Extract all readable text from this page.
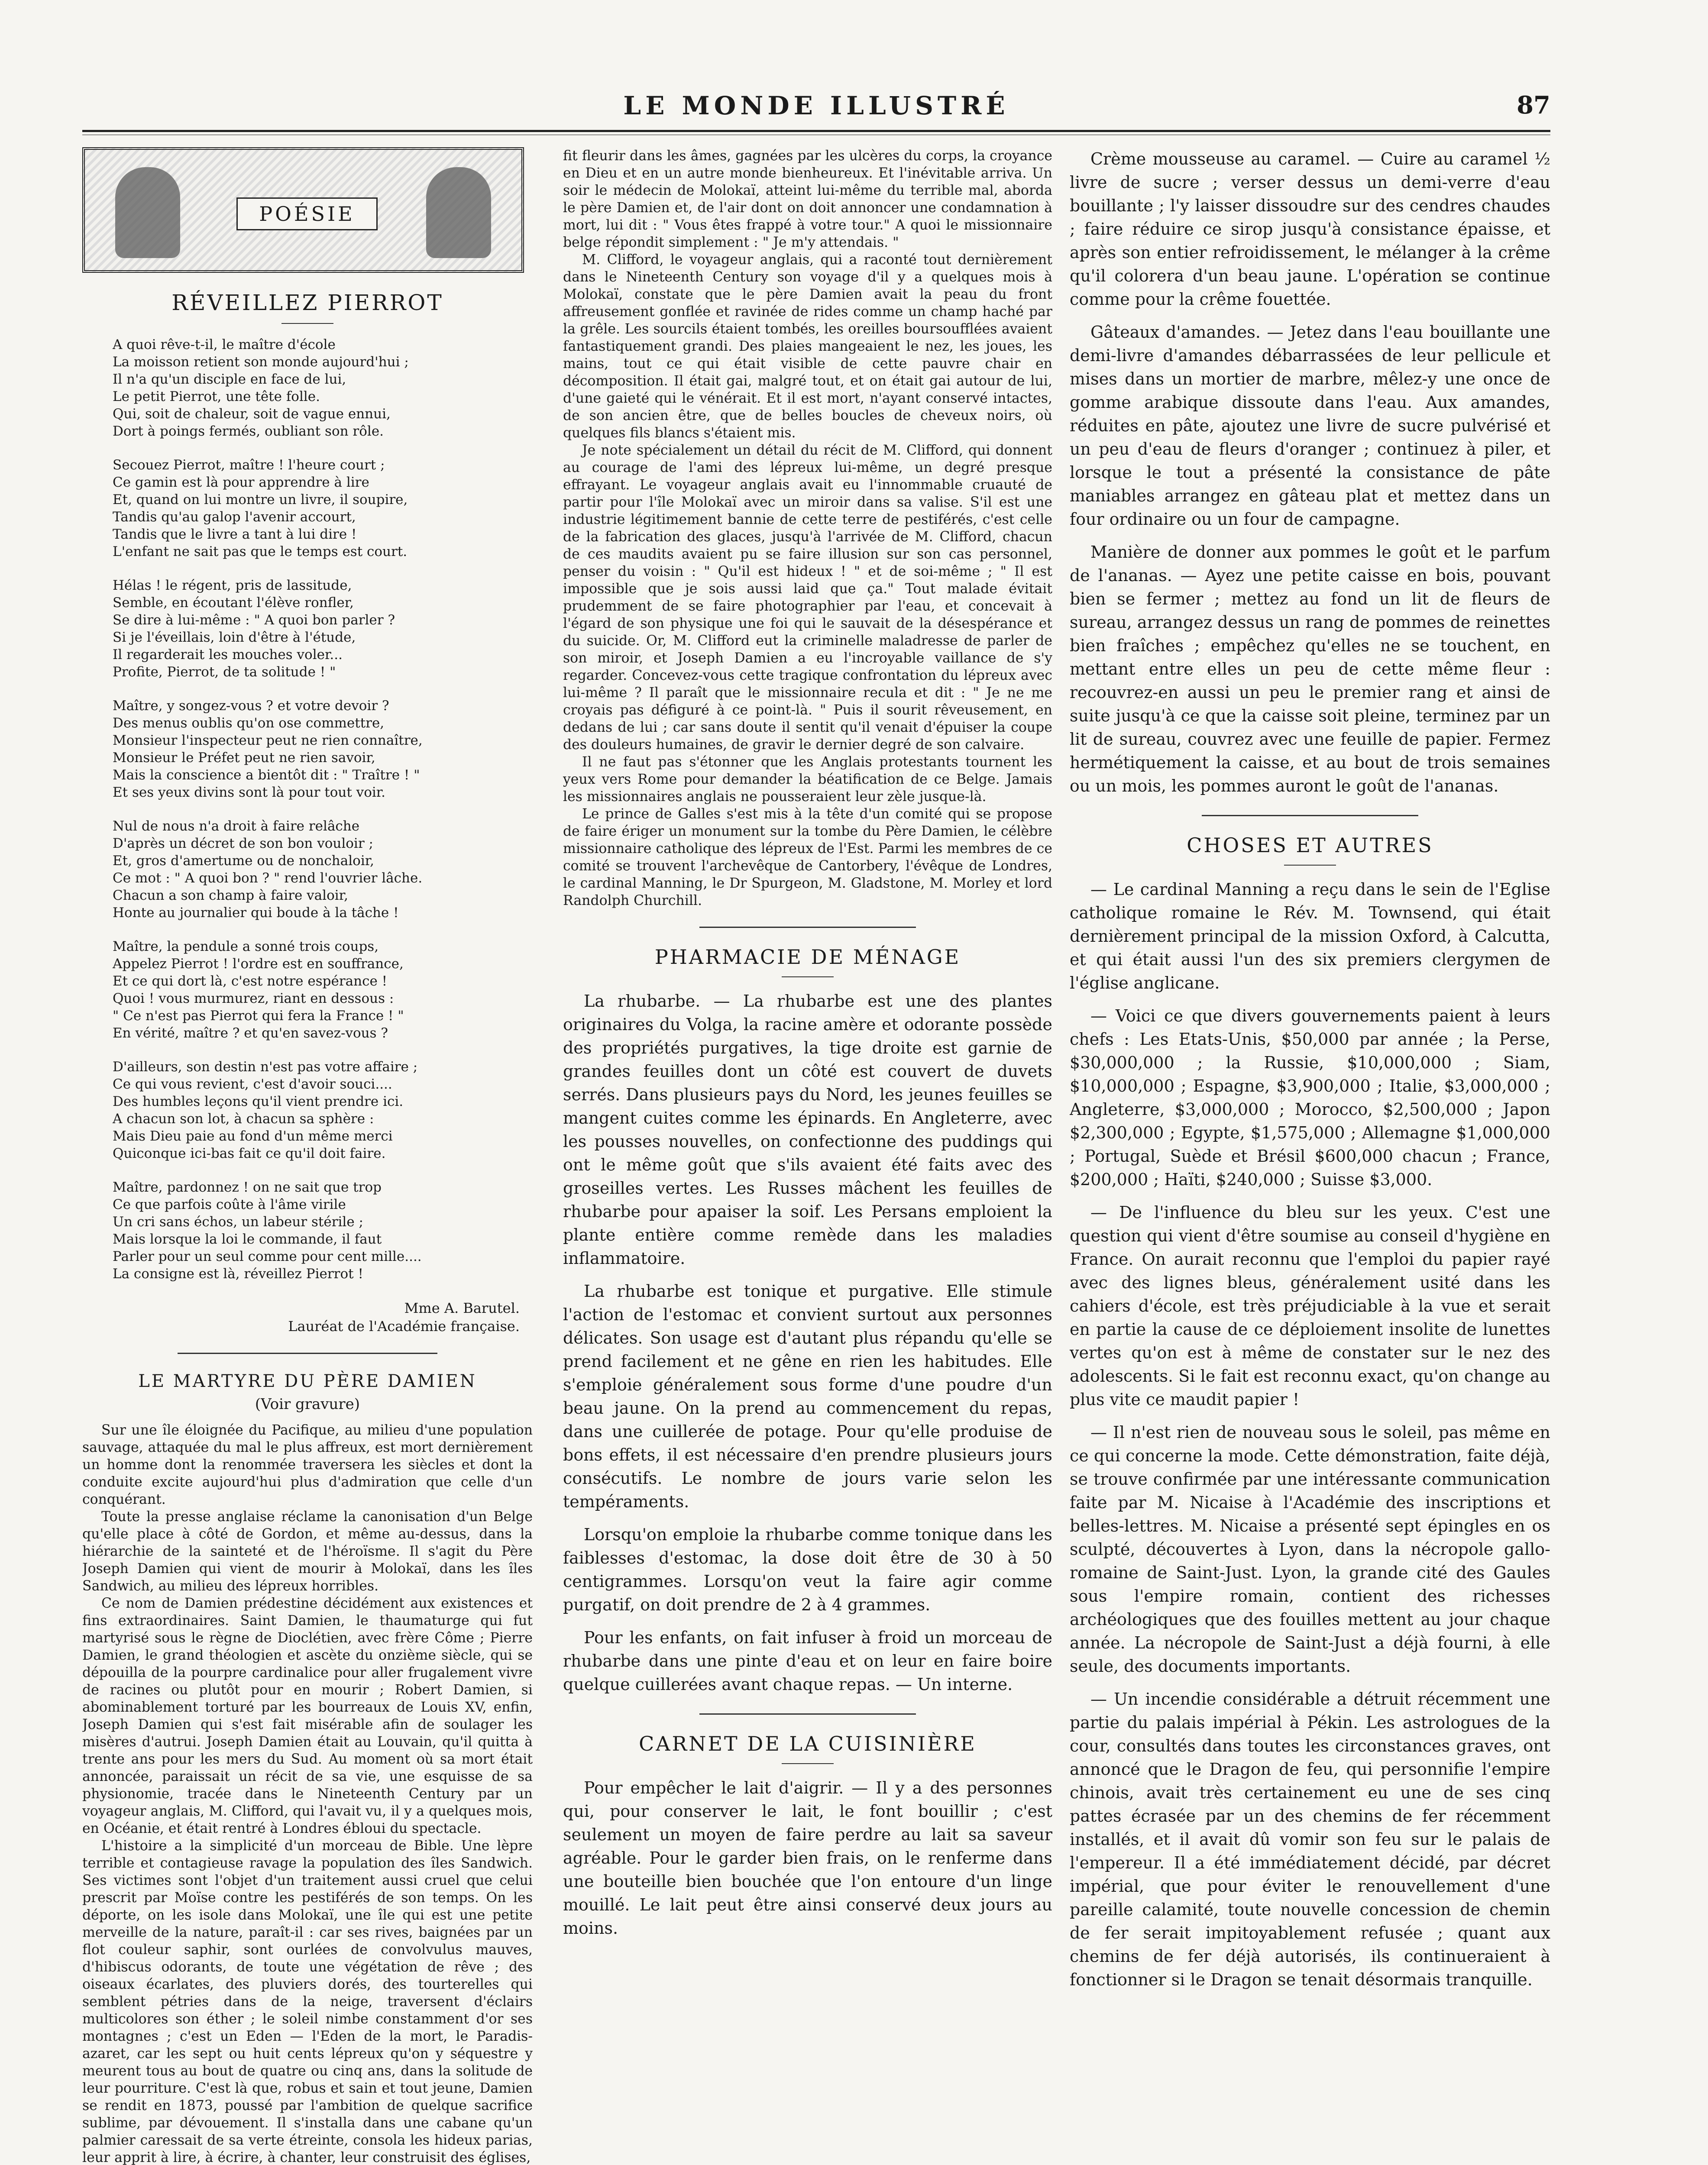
LE MONDE ILLUSTRÉ	87
POÉSIE
RÉVEILLEZ PIERROT
A quoi rêve-t-il, le maître d'école
La moisson retient son monde aujourd'hui ;
Il n'a qu'un disciple en face de lui,
Le petit Pierrot, une tête folle.
Qui, soit de chaleur, soit de vague ennui,
Dort à poings fermés, oubliant son rôle.
Secouez Pierrot, maître ! l'heure court ;
Ce gamin est là pour apprendre à lire
Et, quand on lui montre un livre, il soupire,
Tandis qu'au galop l'avenir accourt,
Tandis que le livre a tant à lui dire !
L'enfant ne sait pas que le temps est court.
Hélas ! le régent, pris de lassitude,
Semble, en écoutant l'élève ronfler,
Se dire à lui-même : " A quoi bon parler ?
Si je l'éveillais, loin d'être à l'étude,
Il regarderait les mouches voler...
Profite, Pierrot, de ta solitude ! "
Maître, y songez-vous ? et votre devoir ?
Des menus oublis qu'on ose commettre,
Monsieur l'inspecteur peut ne rien connaître,
Monsieur le Préfet peut ne rien savoir,
Mais la conscience a bientôt dit : " Traître ! "
Et ses yeux divins sont là pour tout voir.
Nul de nous n'a droit à faire relâche
D'après un décret de son bon vouloir ;
Et, gros d'amertume ou de nonchaloir,
Ce mot : " A quoi bon ? " rend l'ouvrier lâche.
Chacun a son champ à faire valoir,
Honte au journalier qui boude à la tâche !
Maître, la pendule a sonné trois coups,
Appelez Pierrot ! l'ordre est en souffrance,
Et ce qui dort là, c'est notre espérance !
Quoi ! vous murmurez, riant en dessous :
" Ce n'est pas Pierrot qui fera la France ! "
En vérité, maître ? et qu'en savez-vous ?
D'ailleurs, son destin n'est pas votre affaire ;
Ce qui vous revient, c'est d'avoir souci....
Des humbles leçons qu'il vient prendre ici.
A chacun son lot, à chacun sa sphère :
Mais Dieu paie au fond d'un même merci
Quiconque ici-bas fait ce qu'il doit faire.
Maître, pardonnez ! on ne sait que trop
Ce que parfois coûte à l'âme virile
Un cri sans échos, un labeur stérile ;
Mais lorsque la loi le commande, il faut
Parler pour un seul comme pour cent mille....
La consigne est là, réveillez Pierrot !
Mme A. Barutel.
Lauréat de l'Académie française.
LE MARTYRE DU PÈRE DAMIEN
(Voir gravure)

Sur une île éloignée du Pacifique, au milieu d'une population sauvage, attaquée du mal le plus affreux, est mort dernièrement un homme dont la renommée traversera les siècles et dont la conduite excite aujourd'hui plus d'admiration que celle d'un conquérant.

Toute la presse anglaise réclame la canonisation d'un Belge qu'elle place à côté de Gordon, et même au-dessus, dans la hiérarchie de la sainteté et de l'héroïsme. Il s'agit du Père Joseph Damien qui vient de mourir à Molokaï, dans les îles Sandwich, au milieu des lépreux horribles.

Ce nom de Damien prédestine décidément aux existences et fins extraordinaires. Saint Damien, le thaumaturge qui fut martyrisé sous le règne de Dioclétien, avec frère Côme ; Pierre Damien, le grand théologien et ascète du onzième siècle, qui se dépouilla de la pourpre cardinalice pour aller frugalement vivre de racines ou plutôt pour en mourir ; Robert Damien, si abominablement torturé par les bourreaux de Louis XV, enfin, Joseph Damien qui s'est fait misérable afin de soulager les misères d'autrui. Joseph Damien était au Louvain, qu'il quitta à trente ans pour les mers du Sud. Au moment où sa mort était annoncée, paraissait un récit de sa vie, une esquisse de sa physionomie, tracée dans le Nineteenth Century par un voyageur anglais, M. Clifford, qui l'avait vu, il y a quelques mois, en Océanie, et était rentré à Londres ébloui du spectacle.

L'histoire a la simplicité d'un morceau de Bible. Une lèpre terrible et contagieuse ravage la population des îles Sandwich. Ses victimes sont l'objet d'un traitement aussi cruel que celui prescrit par Moïse contre les pestiférés de son temps. On les déporte, on les isole dans Molokaï, une île qui est une petite merveille de la nature, paraît-il : car ses rives, baignées par un flot couleur saphir, sont ourlées de convolvulus mauves, d'hibiscus odorants, de toute une végétation de rêve ; des oiseaux écarlates, des pluviers dorés, des tourterelles qui semblent pétries dans de la neige, traversent d'éclairs multicolores son éther ; le soleil nimbe constamment d'or ses montagnes ; c'est un Eden — l'Eden de la mort, le Paradis-azaret, car les sept ou huit cents lépreux qu'on y séquestre y meurent tous au bout de quatre ou cinq ans, dans la solitude de leur pourriture. C'est là que, robus et sain et tout jeune, Damien se rendit en 1873, poussé par l'ambition de quelque sacrifice sublime, par dévouement. Il s'installa dans une cabane qu'un palmier caressait de sa verte étreinte, consola les hideux parias, leur apprit à lire, à écrire, à chanter, leur construisit des églises,

fit fleurir dans les âmes, gagnées par les ulcères du corps, la croyance en Dieu et en un autre monde bienheureux. Et l'inévitable arriva. Un soir le médecin de Molokaï, atteint lui-même du terrible mal, aborda le père Damien et, de l'air dont on doit annoncer une condamnation à mort, lui dit : " Vous êtes frappé à votre tour." A quoi le missionnaire belge répondit simplement : " Je m'y attendais. "

M. Clifford, le voyageur anglais, qui a raconté tout dernièrement dans le Nineteenth Century son voyage d'il y a quelques mois à Molokaï, constate que le père Damien avait la peau du front affreusement gonflée et ravinée de rides comme un champ haché par la grêle. Les sourcils étaient tombés, les oreilles boursoufflées avaient fantastiquement grandi. Des plaies mangeaient le nez, les joues, les mains, tout ce qui était visible de cette pauvre chair en décomposition. Il était gai, malgré tout, et on était gai autour de lui, d'une gaieté qui le vénérait. Et il est mort, n'ayant conservé intactes, de son ancien être, que de belles boucles de cheveux noirs, où quelques fils blancs s'étaient mis.

Je note spécialement un détail du récit de M. Clifford, qui donnent au courage de l'ami des lépreux lui-même, un degré presque effrayant. Le voyageur anglais avait eu l'innommable cruauté de partir pour l'île Molokaï avec un miroir dans sa valise. S'il est une industrie légitimement bannie de cette terre de pestiférés, c'est celle de la fabrication des glaces, jusqu'à l'arrivée de M. Clifford, chacun de ces maudits avaient pu se faire illusion sur son cas personnel, penser du voisin : " Qu'il est hideux ! " et de soi-même ; " Il est impossible que je sois aussi laid que ça." Tout malade évitait prudemment de se faire photographier par l'eau, et concevait à l'égard de son physique une foi qui le sauvait de la désespérance et du suicide. Or, M. Clifford eut la criminelle maladresse de parler de son miroir, et Joseph Damien a eu l'incroyable vaillance de s'y regarder. Concevez-vous cette tragique confrontation du lépreux avec lui-même ? Il paraît que le missionnaire recula et dit : " Je ne me croyais pas défiguré à ce point-là. " Puis il sourit rêveusement, en dedans de lui ; car sans doute il sentit qu'il venait d'épuiser la coupe des douleurs humaines, de gravir le dernier degré de son calvaire.

Il ne faut pas s'étonner que les Anglais protestants tournent les yeux vers Rome pour demander la béatification de ce Belge. Jamais les missionnaires anglais ne pousseraient leur zèle jusque-là.

Le prince de Galles s'est mis à la tête d'un comité qui se propose de faire ériger un monument sur la tombe du Père Damien, le célèbre missionnaire catholique des lépreux de l'Est. Parmi les membres de ce comité se trouvent l'archevêque de Cantorbery, l'évêque de Londres, le cardinal Manning, le Dr Spurgeon, M. Gladstone, M. Morley et lord Randolph Churchill.

PHARMACIE DE MÉNAGE

La rhubarbe. — La rhubarbe est une des plantes originaires du Volga, la racine amère et odorante possède des propriétés purgatives, la tige droite est garnie de grandes feuilles dont un côté est couvert de duvets serrés. Dans plusieurs pays du Nord, les jeunes feuilles se mangent cuites comme les épinards. En Angleterre, avec les pousses nouvelles, on confectionne des puddings qui ont le même goût que s'ils avaient été faits avec des groseilles vertes. Les Russes mâchent les feuilles de rhubarbe pour apaiser la soif. Les Persans emploient la plante entière comme remède dans les maladies inflammatoire.

La rhubarbe est tonique et purgative. Elle stimule l'action de l'estomac et convient surtout aux personnes délicates. Son usage est d'autant plus répandu qu'elle se prend facilement et ne gêne en rien les habitudes. Elle s'emploie généralement sous forme d'une poudre d'un beau jaune. On la prend au commencement du repas, dans une cuillerée de potage. Pour qu'elle produise de bons effets, il est nécessaire d'en prendre plusieurs jours consécutifs. Le nombre de jours varie selon les tempéraments.

Lorsqu'on emploie la rhubarbe comme tonique dans les faiblesses d'estomac, la dose doit être de 30 à 50 centigrammes. Lorsqu'on veut la faire agir comme purgatif, on doit prendre de 2 à 4 grammes.

Pour les enfants, on fait infuser à froid un morceau de rhubarbe dans une pinte d'eau et on leur en faire boire quelque cuillerées avant chaque repas. — Un interne.

CARNET DE LA CUISINIÈRE

Pour empêcher le lait d'aigrir. — Il y a des personnes qui, pour conserver le lait, le font bouillir ; c'est seulement un moyen de faire perdre au lait sa saveur agréable. Pour le garder bien frais, on le renferme dans une bouteille bien bouchée que l'on entoure d'un linge mouillé. Le lait peut être ainsi conservé deux jours au moins.

Crème mousseuse au caramel. — Cuire au caramel ½ livre de sucre ; verser dessus un demi-verre d'eau bouillante ; l'y laisser dissoudre sur des cendres chaudes ; faire réduire ce sirop jusqu'à consistance épaisse, et après son entier refroidissement, le mélanger à la crême qu'il colorera d'un beau jaune. L'opération se continue comme pour la crême fouettée.

Gâteaux d'amandes. — Jetez dans l'eau bouillante une demi-livre d'amandes débarrassées de leur pellicule et mises dans un mortier de marbre, mêlez-y une once de gomme arabique dissoute dans l'eau. Aux amandes, réduites en pâte, ajoutez une livre de sucre pulvérisé et un peu d'eau de fleurs d'oranger ; continuez à piler, et lorsque le tout a présenté la consistance de pâte maniables arrangez en gâteau plat et mettez dans un four ordinaire ou un four de campagne.

Manière de donner aux pommes le goût et le parfum de l'ananas. — Ayez une petite caisse en bois, pouvant bien se fermer ; mettez au fond un lit de fleurs de sureau, arrangez dessus un rang de pommes de reinettes bien fraîches ; empêchez qu'elles ne se touchent, en mettant entre elles un peu de cette même fleur : recouvrez-en aussi un peu le premier rang et ainsi de suite jusqu'à ce que la caisse soit pleine, terminez par un lit de sureau, couvrez avec une feuille de papier. Fermez hermétiquement la caisse, et au bout de trois semaines ou un mois, les pommes auront le goût de l'ananas.

CHOSES ET AUTRES

— Le cardinal Manning a reçu dans le sein de l'Eglise catholique romaine le Rév. M. Townsend, qui était dernièrement principal de la mission Oxford, à Calcutta, et qui était aussi l'un des six premiers clergymen de l'église anglicane.

— Voici ce que divers gouvernements paient à leurs chefs : Les Etats-Unis, $50,000 par année ; la Perse, $30,000,000 ; la Russie, $10,000,000 ; Siam, $10,000,000 ; Espagne, $3,900,000 ; Italie, $3,000,000 ; Angleterre, $3,000,000 ; Morocco, $2,500,000 ; Japon $2,300,000 ; Egypte, $1,575,000 ; Allemagne $1,000,000 ; Portugal, Suède et Brésil $600,000 chacun ; France, $200,000 ; Haïti, $240,000 ; Suisse $3,000.

— De l'influence du bleu sur les yeux. C'est une question qui vient d'être soumise au conseil d'hygiène en France. On aurait reconnu que l'emploi du papier rayé avec des lignes bleus, généralement usité dans les cahiers d'école, est très préjudiciable à la vue et serait en partie la cause de ce déploiement insolite de lunettes vertes qu'on est à même de constater sur le nez des adolescents. Si le fait est reconnu exact, qu'on change au plus vite ce maudit papier !

— Il n'est rien de nouveau sous le soleil, pas même en ce qui concerne la mode. Cette démonstration, faite déjà, se trouve confirmée par une intéressante communication faite par M. Nicaise à l'Académie des inscriptions et belles-lettres. M. Nicaise a présenté sept épingles en os sculpté, découvertes à Lyon, dans la nécropole gallo-romaine de Saint-Just. Lyon, la grande cité des Gaules sous l'empire romain, contient des richesses archéologiques que des fouilles mettent au jour chaque année. La nécropole de Saint-Just a déjà fourni, à elle seule, des documents importants.

— Un incendie considérable a détruit récemment une partie du palais impérial à Pékin. Les astrologues de la cour, consultés dans toutes les circonstances graves, ont annoncé que le Dragon de feu, qui personnifie l'empire chinois, avait très certainement eu une de ses cinq pattes écrasée par un des chemins de fer récemment installés, et il avait dû vomir son feu sur le palais de l'empereur. Il a été immédiatement décidé, par décret impérial, que pour éviter le renouvellement d'une pareille calamité, toute nouvelle concession de chemin de fer serait impitoyablement refusée ; quant aux chemins de fer déjà autorisés, ils continueraient à fonctionner si le Dragon se tenait désormais tranquille.
